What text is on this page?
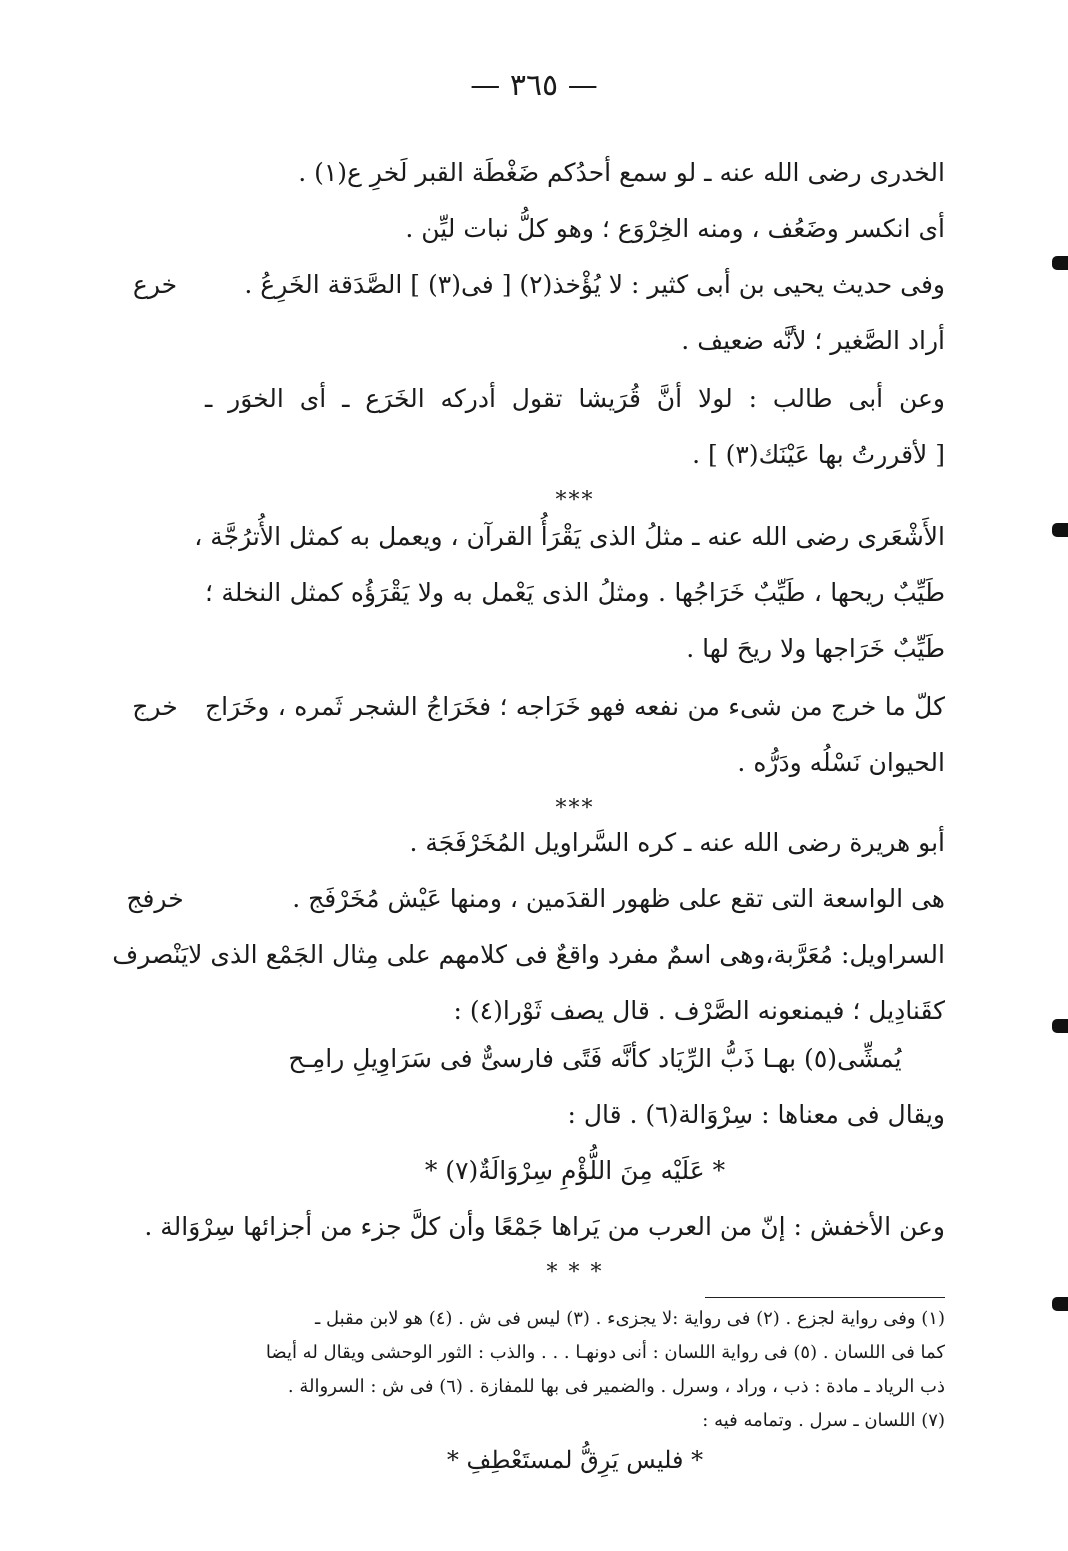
— ٣٦٥ —
الخدرى رضى الله عنه ـ لو سمع أحدُكم ضَغْطَة القبر لَخرِ ع(١) .
أى انكسر وضَعُف ، ومنه الخِرْوَع ؛ وهو كلُّ نبات ليِّن .
وفى حديث يحيى بن أبى كثير : لا يُؤْخذ(٢) [ فى(٣) ] الصَّدَقة الخَرِعُ .
خرع
أراد الصَّغير ؛ لأنَّه ضعيف .
وعن أبى طالب : لولا أنَّ قُرَيشا تقول أدركه الخَرَع ـ أى الخوَر ـ
[ لأقررتُ بها عَيْنَك(٣) ] .
***
الأَشْعَرى رضى الله عنه ـ مثلُ الذى يَقْرَأُ القرآن ، ويعمل به كمثل الأُترُجَّة ،
طَيِّبٌ ريحها ، طَيِّبٌ خَرَاجُها . ومثلُ الذى يَعْمل به ولا يَقْرَؤُه كمثل النخلة ؛
طَيِّبٌ خَرَاجها ولا ريحَ لها .
كلّ ما خرج من شىء من نفعه فهو خَرَاجه ؛ فخَرَاجُ الشجر ثَمره ، وخَرَاج
خرج
الحيوان نَسْلُه ودَرُّه .
***
أبو هريرة رضى الله عنه ـ كره السَّراويل المُخَرْفَجَة .
هى الواسعة التى تقع على ظهور القدَمين ، ومنها عَيْش مُخَرْفَج .
خرفج
السراويل: مُعَرَّبة،وهى اسمٌ مفرد واقعٌ فى كلامهم على مِثال الجَمْع الذى لايَنْصرف
كقَنادِيل ؛ فيمنعونه الصَّرْف . قال يصف ثَوْرا(٤) :
يُمشِّى(٥) بهـا ذَبُّ الرِّيَاد كأنَّه فَتًى فارسىٌّ فى سَرَاوِيلِ رامِـح
ويقال فى معناها : سِرْوَالة(٦) . قال :
* عَلَيْه مِنَ اللُّؤْمِ سِرْوَالَةٌ(٧) *
وعن الأخفش : إنّ من العرب من يَراها جَمْعًا وأن كلَّ جزء من أجزائها سِرْوَالة .
* * *
(١) وفى رواية لجزع . (٢) فى رواية :لا يجزىء . (٣) ليس فى ش . (٤) هو لابن مقبل ـ
كما فى اللسان . (٥) فى رواية اللسان : أنى دونهـا . . . والذب : الثور الوحشى ويقال له أيضا
ذب الرياد ـ مادة : ذب ، وراد ، وسرل . والضمير فى بها للمفازة . (٦) فى ش : السروالة .
(٧) اللسان ـ سرل . وتمامه فيه :
* فليس يَرِقُّ لمستَعْطِفِ *
